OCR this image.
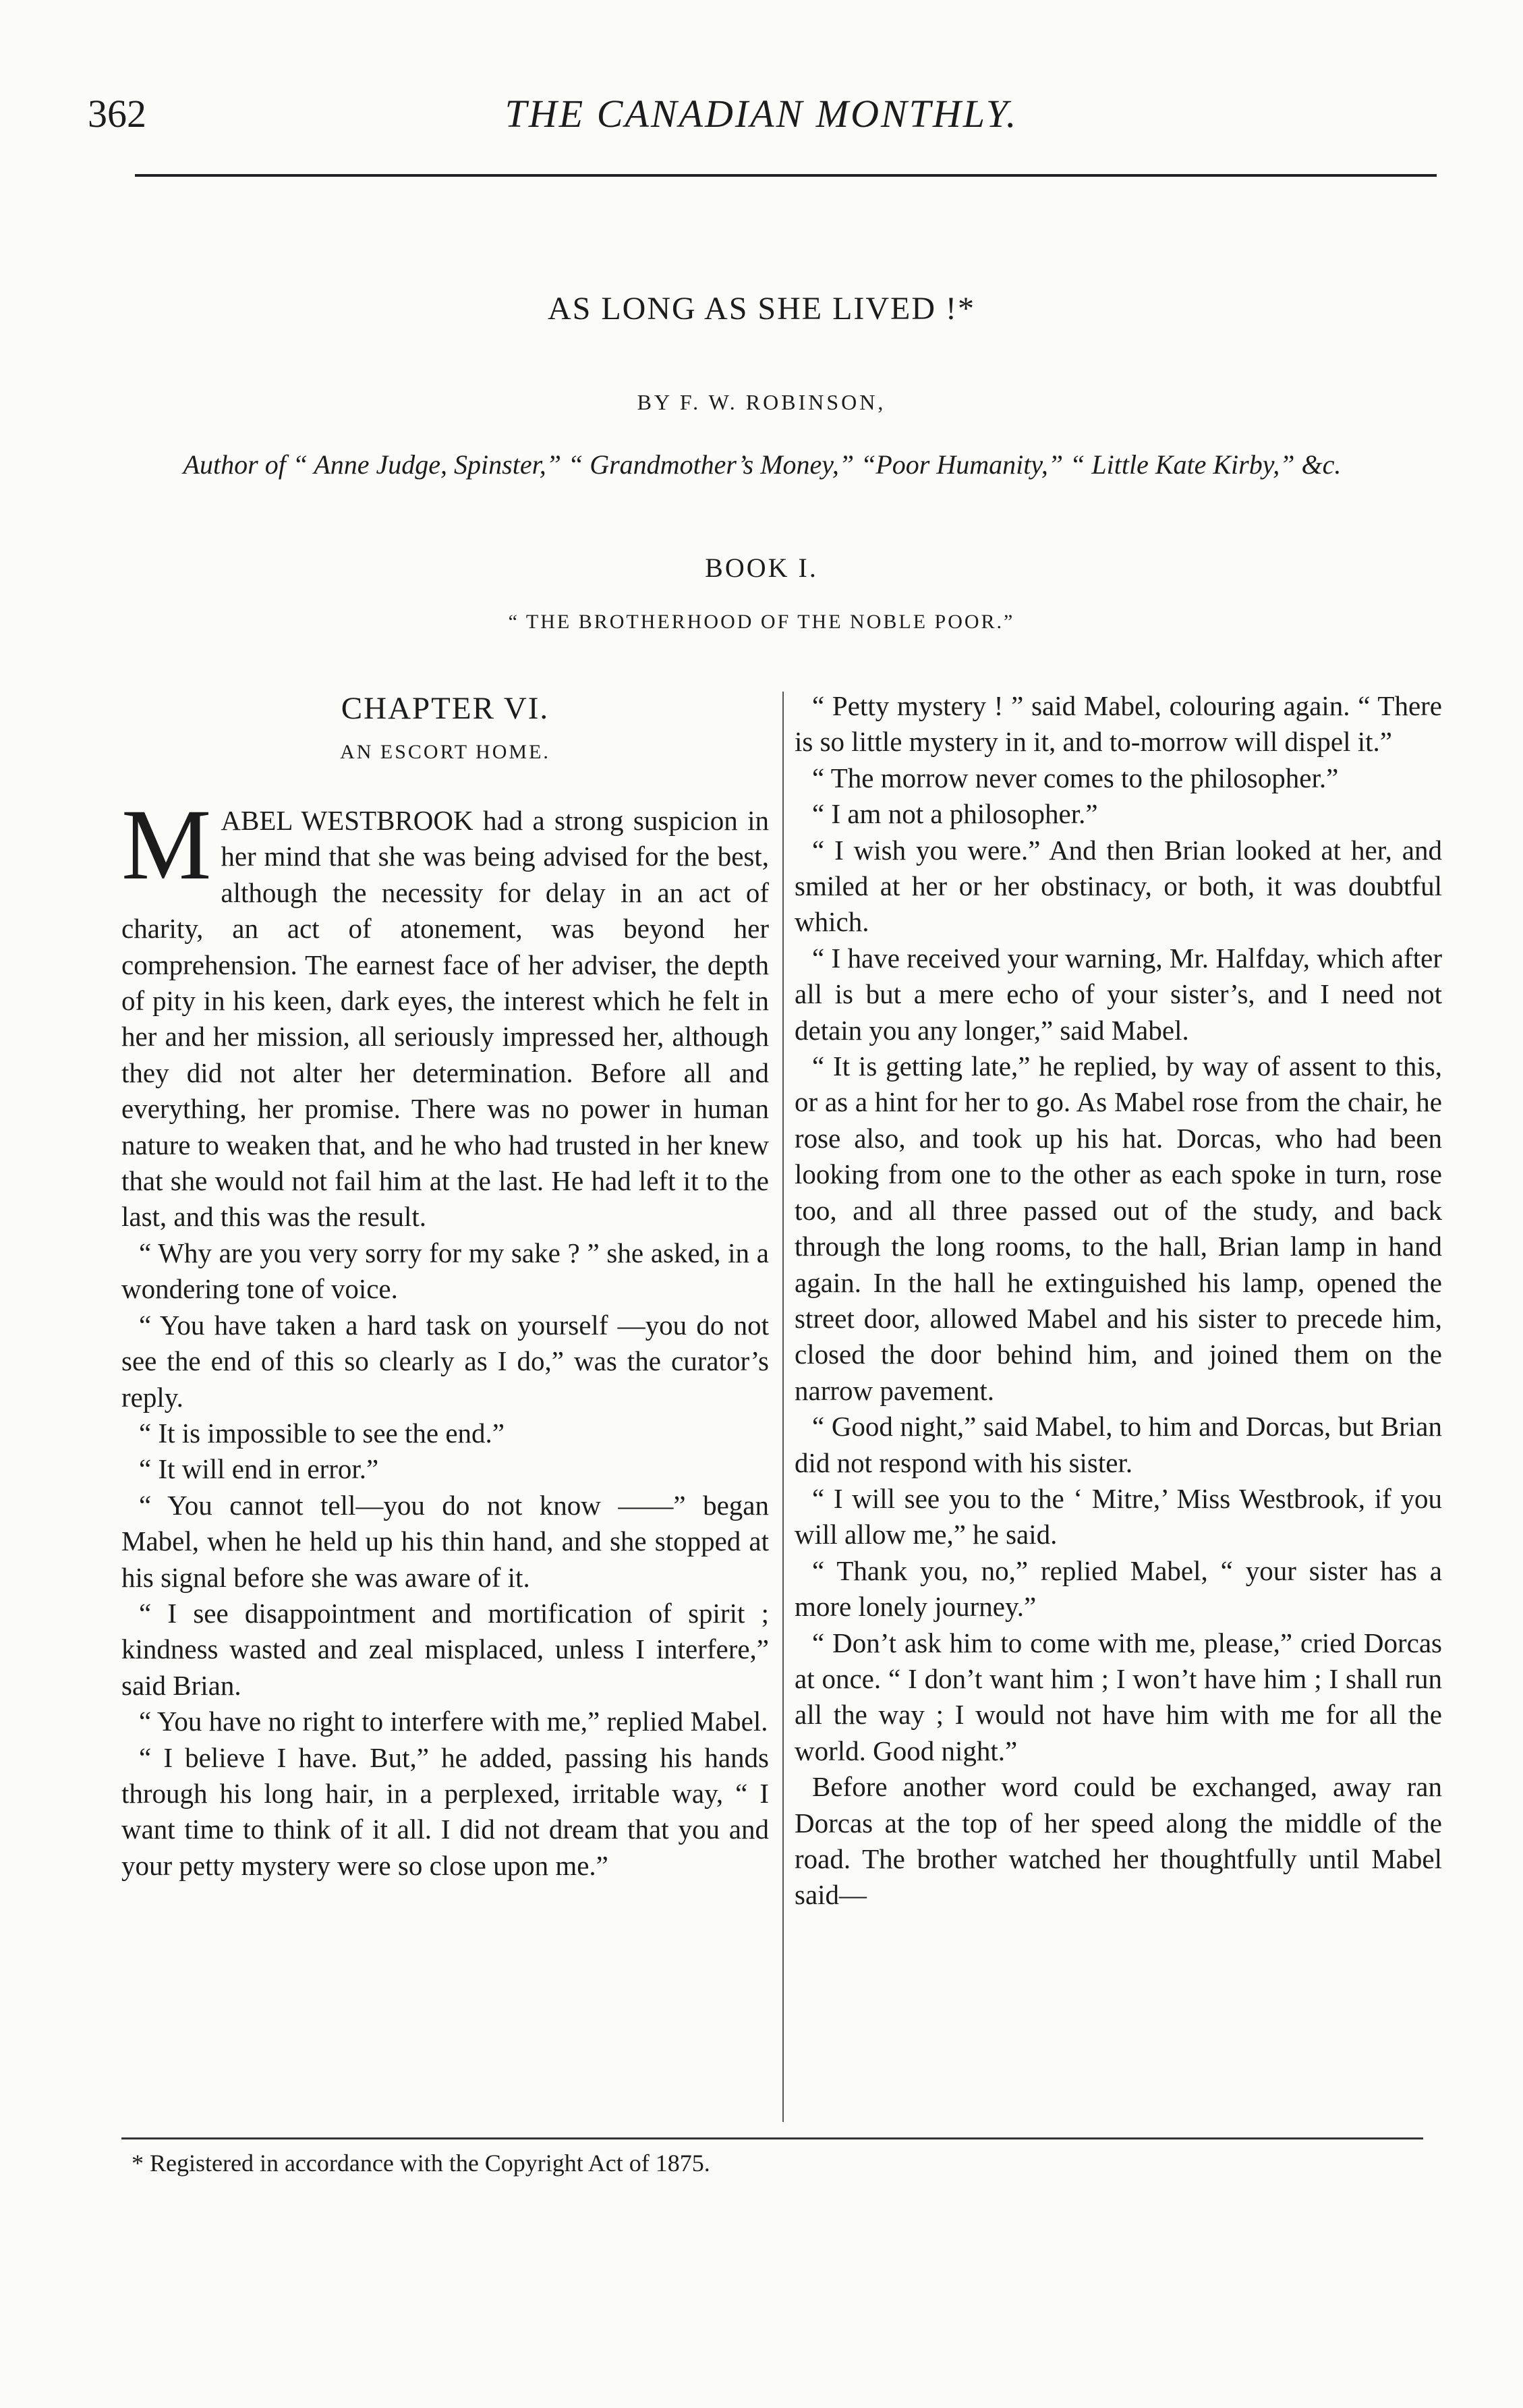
362	THE CANADIAN MONTHLY.
AS LONG AS SHE LIVED !*
BY F. W. ROBINSON,
Author of “ Anne Judge, Spinster,” “ Grandmother’s Money,” “Poor Humanity,” “ Little Kate Kirby,” &c.
BOOK I.
“ THE BROTHERHOOD OF THE NOBLE POOR.”
CHAPTER VI.
AN ESCORT HOME.

MABEL WESTBROOK had a strong suspicion in her mind that she was being advised for the best, although the necessity for delay in an act of charity, an act of atonement, was beyond her comprehension. The earnest face of her adviser, the depth of pity in his keen, dark eyes, the interest which he felt in her and her mission, all seriously impressed her, although they did not alter her determination. Before all and everything, her promise. There was no power in human nature to weaken that, and he who had trusted in her knew that she would not fail him at the last. He had left it to the last, and this was the result.

“ Why are you very sorry for my sake ? ” she asked, in a wondering tone of voice.

“ You have taken a hard task on yourself —you do not see the end of this so clearly as I do,” was the curator’s reply.

“ It is impossible to see the end.”

“ It will end in error.”

“ You cannot tell—you do not know ——” began Mabel, when he held up his thin hand, and she stopped at his signal before she was aware of it.

“ I see disappointment and mortification of spirit ; kindness wasted and zeal misplaced, unless I interfere,” said Brian.

“ You have no right to interfere with me,” replied Mabel.

“ I believe I have. But,” he added, passing his hands through his long hair, in a perplexed, irritable way, “ I want time to think of it all. I did not dream that you and your petty mystery were so close upon me.”

“ Petty mystery ! ” said Mabel, colouring again. “ There is so little mystery in it, and to-morrow will dispel it.”

“ The morrow never comes to the philosopher.”

“ I am not a philosopher.”

“ I wish you were.” And then Brian looked at her, and smiled at her or her obstinacy, or both, it was doubtful which.

“ I have received your warning, Mr. Halfday, which after all is but a mere echo of your sister’s, and I need not detain you any longer,” said Mabel.

“ It is getting late,” he replied, by way of assent to this, or as a hint for her to go. As Mabel rose from the chair, he rose also, and took up his hat. Dorcas, who had been looking from one to the other as each spoke in turn, rose too, and all three passed out of the study, and back through the long rooms, to the hall, Brian lamp in hand again. In the hall he extinguished his lamp, opened the street door, allowed Mabel and his sister to precede him, closed the door behind him, and joined them on the narrow pavement.

“ Good night,” said Mabel, to him and Dorcas, but Brian did not respond with his sister.

“ I will see you to the ‘ Mitre,’ Miss Westbrook, if you will allow me,” he said.

“ Thank you, no,” replied Mabel, “ your sister has a more lonely journey.”

“ Don’t ask him to come with me, please,” cried Dorcas at once. “ I don’t want him ; I won’t have him ; I shall run all the way ; I would not have him with me for all the world. Good night.”

Before another word could be exchanged, away ran Dorcas at the top of her speed along the middle of the road. The brother watched her thoughtfully until Mabel said—

* Registered in accordance with the Copyright Act of 1875.
